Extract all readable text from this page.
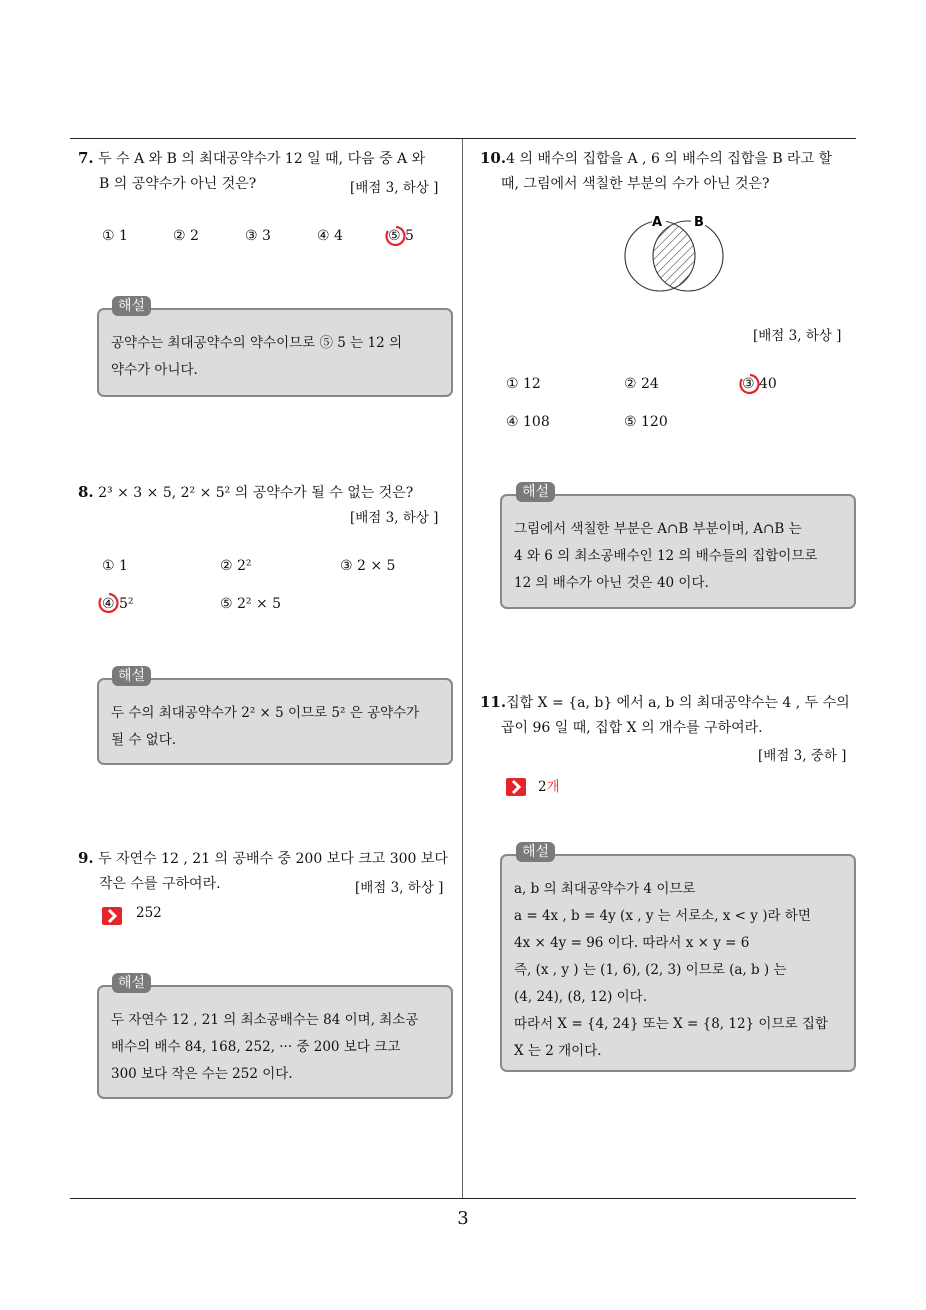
3
7. 두 수 A 와 B 의 최대공약수가 12 일 때, 다음 중 A 와
B 의 공약수가 아닌 것은?	[배점 3, 하상 ]
① 1	② 2	③ 3	④ 4	⑤ 5
공약수는 최대공약수의 약수이므로 ⑤ 5 는 12 의
약수가 아니다.
해설
8. 2³ × 3 × 5, 2² × 5² 의 공약수가 될 수 없는 것은?
[배점 3, 하상 ]
① 1	② 2²	③ 2 × 5
④ 5²	⑤ 2² × 5
두 수의 최대공약수가 2² × 5 이므로 5² 은 공약수가
될 수 없다.
해설
9. 두 자연수 12 , 21 의 공배수 중 200 보다 크고 300 보다
작은 수를 구하여라.	[배점 3, 하상 ]
252
두 자연수 12 , 21 의 최소공배수는 84 이며, 최소공
배수의 배수 84, 168, 252, ··· 중 200 보다 크고
300 보다 작은 수는 252 이다.
해설
10.4 의 배수의 집합을 A , 6 의 배수의 집합을 B 라고 할
때, 그림에서 색칠한 부분의 수가 아닌 것은?
A B
[배점 3, 하상 ]
① 12	② 24	③ 40
④ 108	⑤ 120
그림에서 색칠한 부분은 A∩B 부분이며, A∩B 는
4 와 6 의 최소공배수인 12 의 배수들의 집합이므로
12 의 배수가 아닌 것은 40 이다.
해설
11.집합 X = {a, b} 에서 a, b 의 최대공약수는 4 , 두 수의
곱이 96 일 때, 집합 X 의 개수를 구하여라.
[배점 3, 중하 ]
2개
a, b 의 최대공약수가 4 이므로
a = 4x , b = 4y (x , y 는 서로소, x < y )라 하면
4x × 4y = 96 이다. 따라서 x × y = 6
즉, (x , y ) 는 (1, 6), (2, 3) 이므로 (a, b ) 는
(4, 24), (8, 12) 이다.
따라서 X = {4, 24} 또는 X = {8, 12} 이므로 집합
X 는 2 개이다.
해설
